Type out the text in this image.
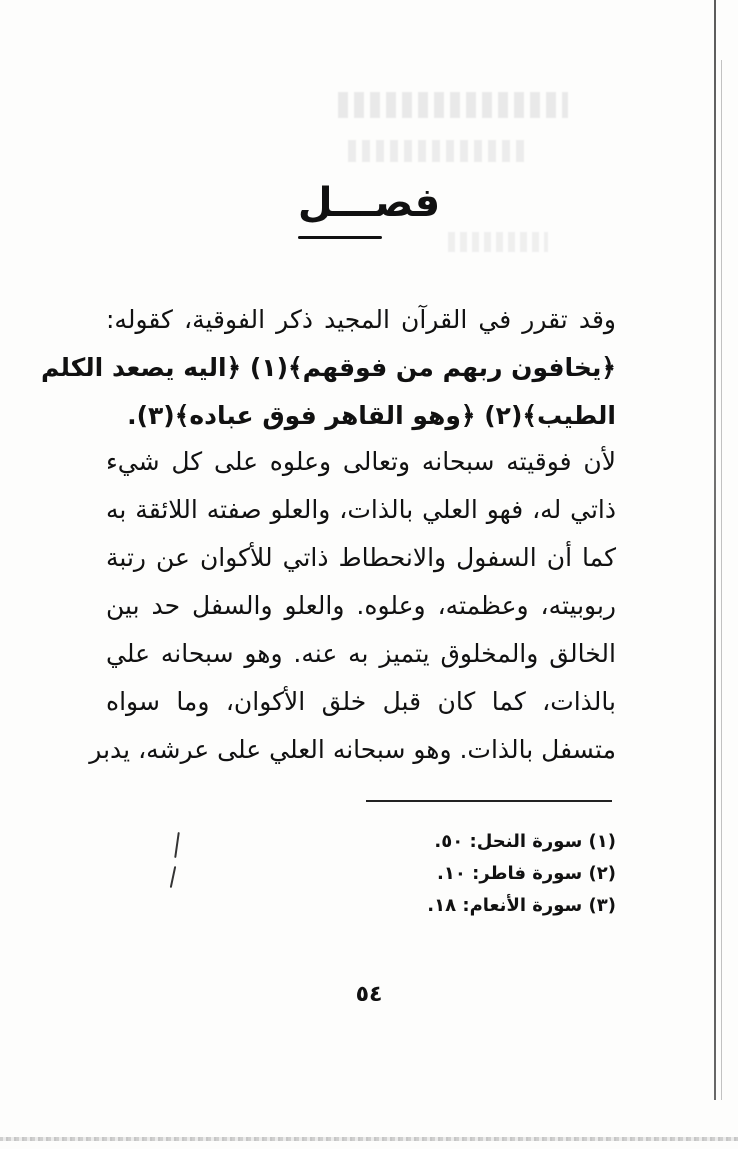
فصـــل
وقد تقرر في القرآن المجيد ذكر الفوقية، كقوله:
﴿يخافون ربهم من فوقهم﴾(١) ﴿اليه يصعد الكلم
الطيب﴾(٢) ﴿وهو القاهر فوق عباده﴾(٣).
لأن فوقيته سبحانه وتعالى وعلوه على كل شيء
ذاتي له، فهو العلي بالذات، والعلو صفته اللائقة به
كما أن السفول والانحطاط ذاتي للأكوان عن رتبة
ربوبيته، وعظمته، وعلوه. والعلو والسفل حد بين
الخالق والمخلوق يتميز به عنه. وهو سبحانه علي
بالذات، كما كان قبل خلق الأكوان، وما سواه
متسفل بالذات. وهو سبحانه العلي على عرشه، يدبر
(١) سورة النحل: ٥٠.
(٢) سورة فاطر: ١٠.
(٣) سورة الأنعام: ١٨.
٥٤
